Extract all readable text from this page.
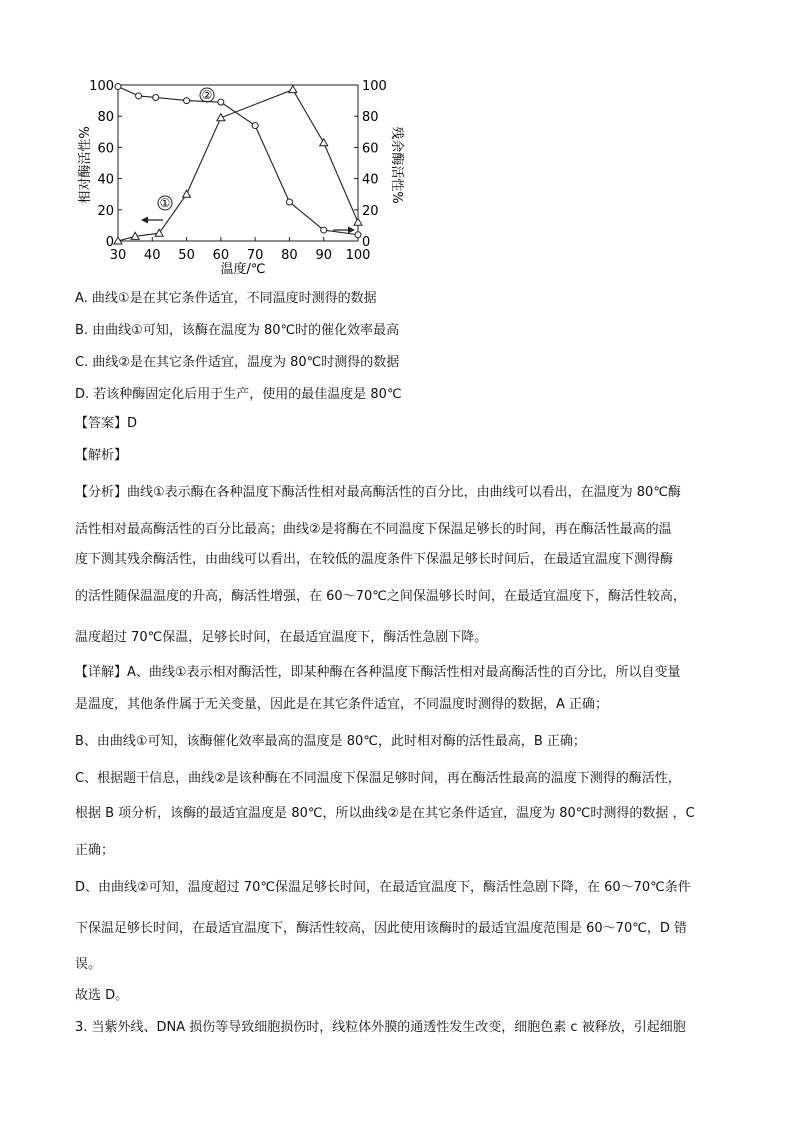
30 40 50 60 70 80 90 100
0
20
40
60
80
100
0
20
40
60
80
100
温度/℃
相对酶活性%	残余酶活性%
②
①
A. 曲线①是在其它条件适宜，不同温度时测得的数据
B. 由曲线①可知，该酶在温度为 80℃时的催化效率最高
C. 曲线②是在其它条件适宜，温度为 80℃时测得的数据
D. 若该种酶固定化后用于生产，使用的最佳温度是 80℃
【答案】D
【解析】
【分析】曲线①表示酶在各种温度下酶活性相对最高酶活性的百分比，由曲线可以看出，在温度为 80℃酶
活性相对最高酶活性的百分比最高；曲线②是将酶在不同温度下保温足够长的时间，再在酶活性最高的温
度下测其残余酶活性，由曲线可以看出，在较低的温度条件下保温足够长时间后，在最适宜温度下测得酶
的活性随保温温度的升高，酶活性增强，在 60～70℃之间保温够长时间，在最适宜温度下，酶活性较高，
温度超过 70℃保温，足够长时间，在最适宜温度下，酶活性急剧下降。
【详解】A、曲线①表示相对酶活性，即某种酶在各种温度下酶活性相对最高酶活性的百分比，所以自变量
是温度，其他条件属于无关变量，因此是在其它条件适宜，不同温度时测得的数据，A 正确；
B、由曲线①可知，该酶催化效率最高的温度是 80℃，此时相对酶的活性最高，B 正确；
C、根据题干信息，曲线②是该种酶在不同温度下保温足够时间，再在酶活性最高的温度下测得的酶活性，
根据 B 项分析，该酶的最适宜温度是 80℃，所以曲线②是在其它条件适宜，温度为 80℃时测得的数据 ，C
正确；
D、由曲线②可知，温度超过 70℃保温足够长时间，在最适宜温度下，酶活性急剧下降，在 60～70℃条件
下保温足够长时间，在最适宜温度下，酶活性较高，因此使用该酶时的最适宜温度范围是 60～70℃，D 错
误。
故选 D。
3. 当紫外线、DNA 损伤等导致细胞损伤时，线粒体外膜的通透性发生改变，细胞色素 c 被释放，引起细胞
